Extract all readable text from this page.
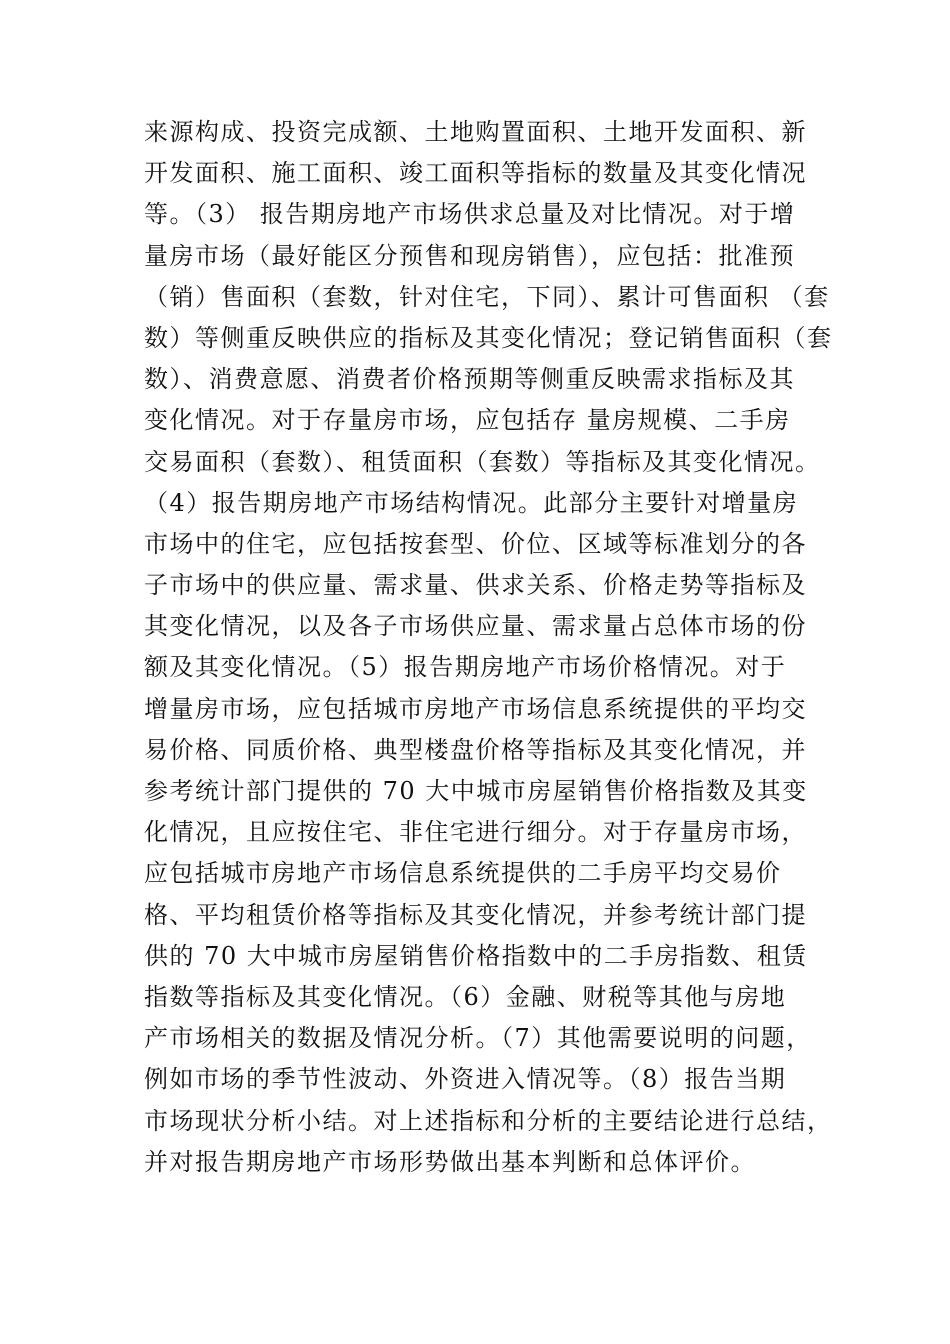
来源构成、投资完成额、土地购置面积、土地开发面积、新
开发面积、施工面积、竣工面积等指标的数量及其变化情况
等。（3） 报告期房地产市场供求总量及对比情况。对于增
量房市场（最好能区分预售和现房销售），应包括：批准预
（销）售面积（套数，针对住宅，下同）、累计可售面积 （套
数）等侧重反映供应的指标及其变化情况；登记销售面积（套
数）、消费意愿、消费者价格预期等侧重反映需求指标及其
变化情况。对于存量房市场，应包括存 量房规模、二手房
交易面积（套数）、租赁面积（套数）等指标及其变化情况。
（4）报告期房地产市场结构情况。此部分主要针对增量房
市场中的住宅，应包括按套型、价位、区域等标准划分的各
子市场中的供应量、需求量、供求关系、价格走势等指标及
其变化情况，以及各子市场供应量、需求量占总体市场的份
额及其变化情况。（5）报告期房地产市场价格情况。对于
增量房市场，应包括城市房地产市场信息系统提供的平均交
易价格、同质价格、典型楼盘价格等指标及其变化情况，并
参考统计部门提供的 70 大中城市房屋销售价格指数及其变
化情况，且应按住宅、非住宅进行细分。对于存量房市场，
应包括城市房地产市场信息系统提供的二手房平均交易价
格、平均租赁价格等指标及其变化情况，并参考统计部门提
供的 70 大中城市房屋销售价格指数中的二手房指数、租赁
指数等指标及其变化情况。（6）金融、财税等其他与房地
产市场相关的数据及情况分析。（7）其他需要说明的问题，
例如市场的季节性波动、外资进入情况等。（8）报告当期
市场现状分析小结。对上述指标和分析的主要结论进行总结，
并对报告期房地产市场形势做出基本判断和总体评价。
